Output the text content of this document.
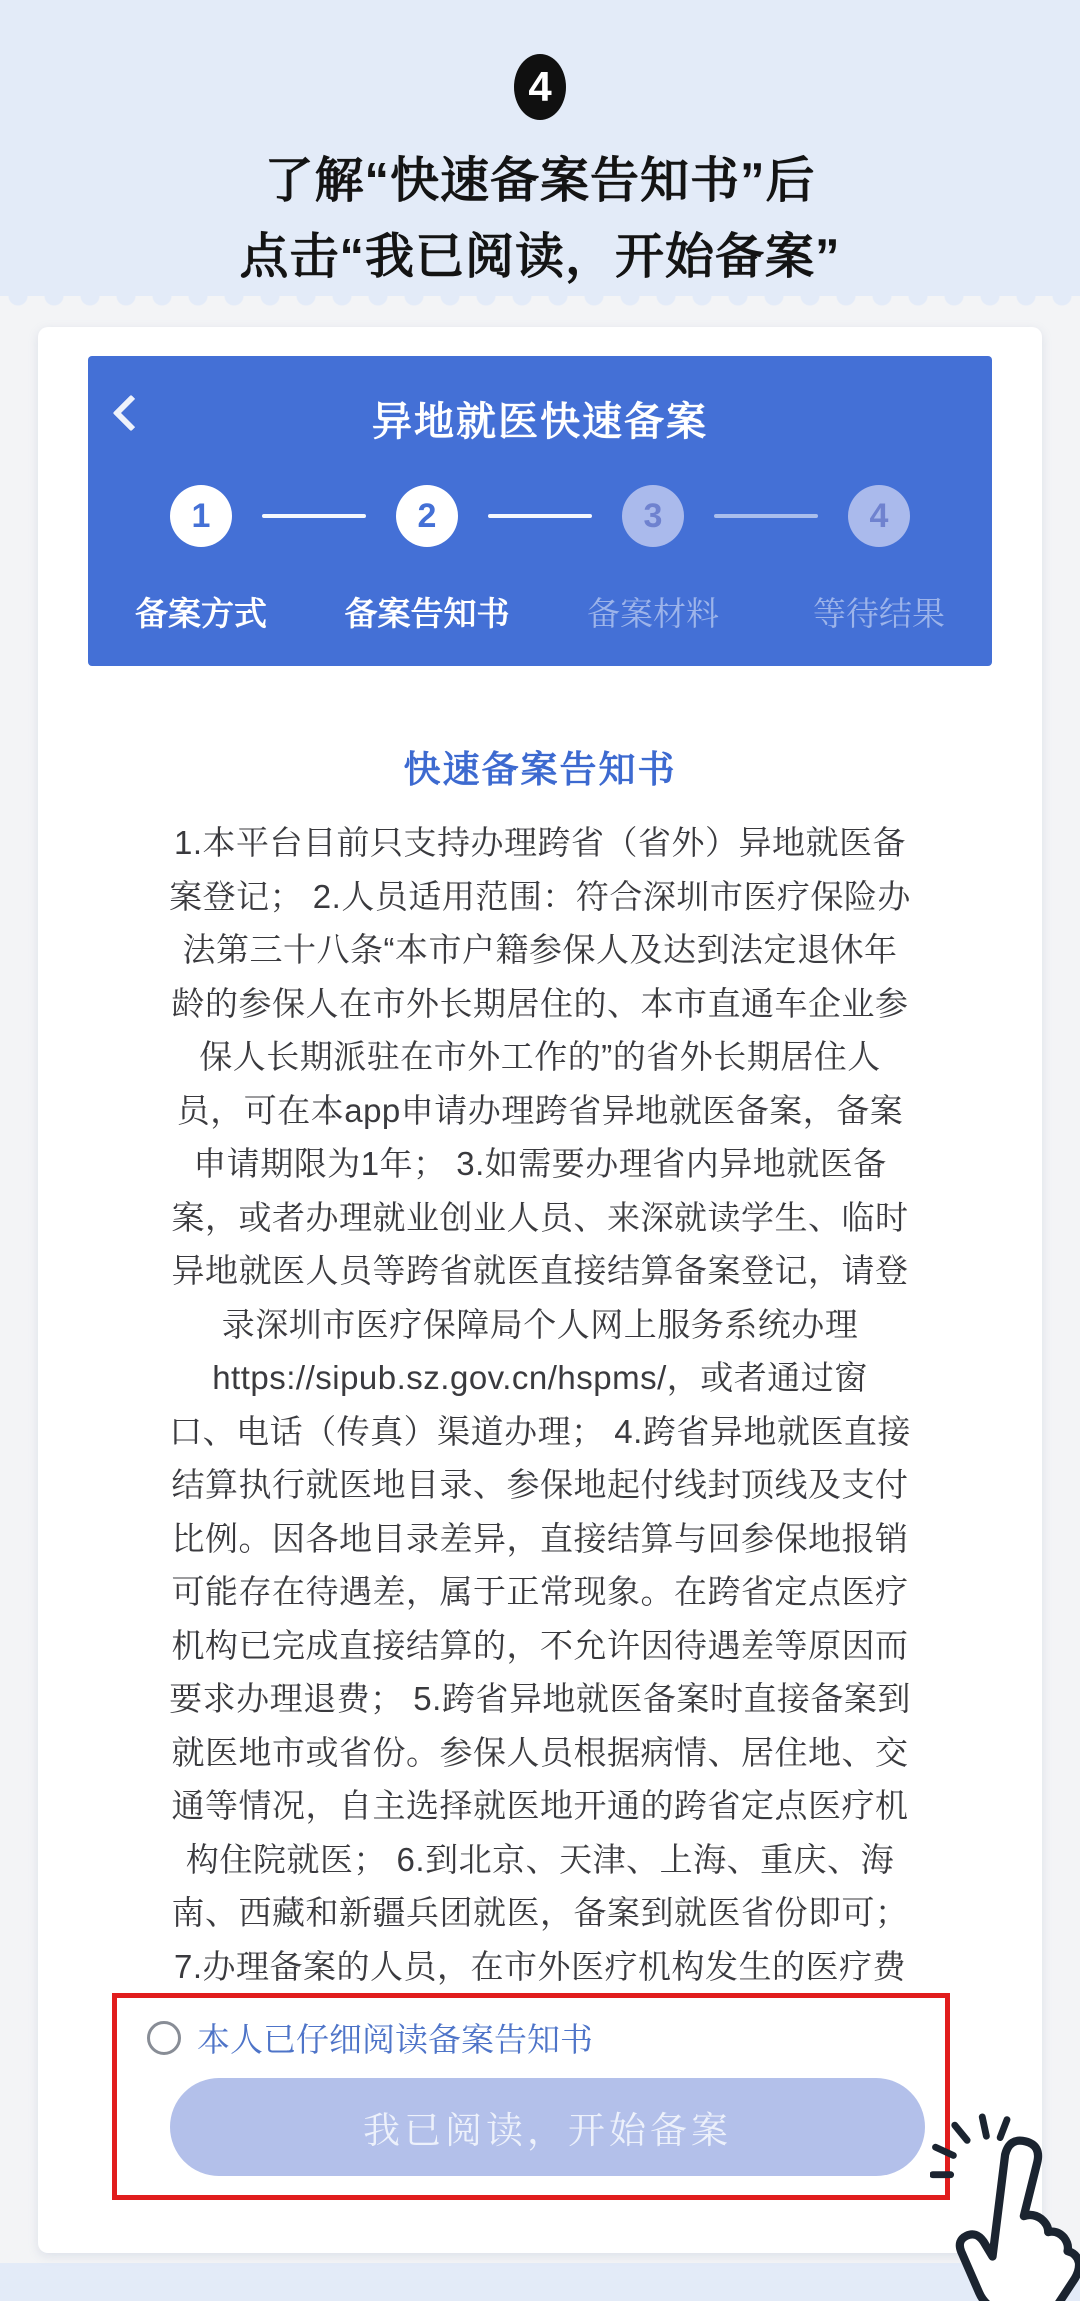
4
了解“快速备案告知书”后
点击“我已阅读，开始备案”
异地就医快速备案
1	2	3	4
备案方式	备案告知书	备案材料	等待结果
快速备案告知书
1.本平台目前只支持办理跨省（省外）异地就医备
案登记； 2.人员适用范围：符合深圳市医疗保险办
法第三十八条“本市户籍参保人及达到法定退休年
龄的参保人在市外长期居住的、本市直通车企业参
保人长期派驻在市外工作的”的省外长期居住人
员，可在本app申请办理跨省异地就医备案，备案
申请期限为1年； 3.如需要办理省内异地就医备
案，或者办理就业创业人员、来深就读学生、临时
异地就医人员等跨省就医直接结算备案登记，请登
录深圳市医疗保障局个人网上服务系统办理
https://sipub.sz.gov.cn/hspms/，或者通过窗
口、电话（传真）渠道办理； 4.跨省异地就医直接
结算执行就医地目录、参保地起付线封顶线及支付
比例。因各地目录差异，直接结算与回参保地报销
可能存在待遇差，属于正常现象。在跨省定点医疗
机构已完成直接结算的，不允许因待遇差等原因而
要求办理退费； 5.跨省异地就医备案时直接备案到
就医地市或省份。参保人员根据病情、居住地、交
通等情况，自主选择就医地开通的跨省定点医疗机
构住院就医； 6.到北京、天津、上海、重庆、海
南、西藏和新疆兵团就医，备案到就医省份即可；
7.办理备案的人员，在市外医疗机构发生的医疗费
本人已仔细阅读备案告知书
我已阅读，开始备案
